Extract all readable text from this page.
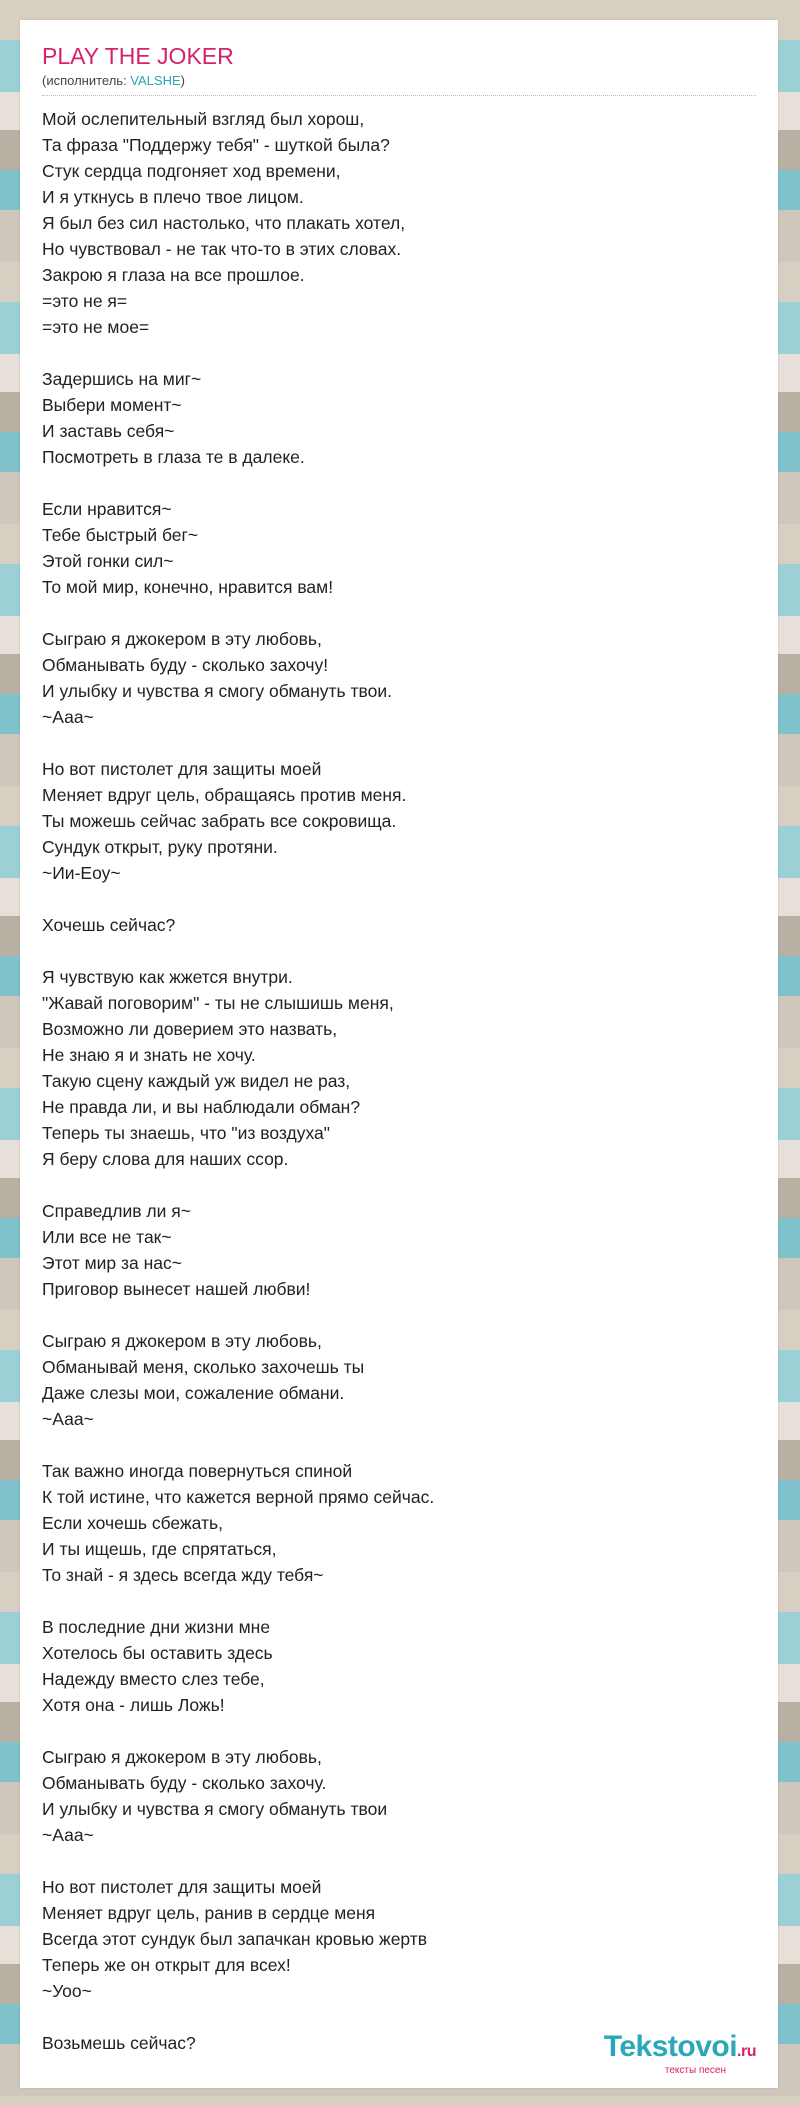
PLAY THE JOKER
(исполнитель: VALSHE)
Мой ослепительный взгляд был хорош,
Та фраза "Поддержу тебя" - шуткой была?
Стук сердца подгоняет ход времени,
И я уткнусь в плечо твое лицом.
Я был без сил настолько, что плакать хотел,
Но чувствовал - не так что-то в этих словах.
Закрою я глаза на все прошлое.
=это не я=
=это не мое=
Задершись на миг~
Выбери момент~
И заставь себя~
Посмотреть в глаза те в далеке.
Если нравится~
Тебе быстрый бег~
Этой гонки сил~
То мой мир, конечно, нравится вам!
Сыграю я джокером в эту любовь,
Обманывать буду - сколько захочу!
И улыбку и чувства я смогу обмануть твои.
~Ааа~
Но вот пистолет для защиты моей
Меняет вдруг цель, обращаясь против меня.
Ты можешь сейчас забрать все сокровища.
Сундук открыт, руку протяни.
~Ии-Еоу~
Хочешь сейчас?
Я чувствую как жжется внутри.
"Жавай поговорим" - ты не слышишь меня,
Возможно ли доверием это назвать,
Не знаю я и знать не хочу.
Такую сцену каждый уж видел не раз,
Не правда ли, и вы наблюдали обман?
Теперь ты знаешь, что "из воздуха"
Я беру слова для наших ссор.
Справедлив ли я~
Или все не так~
Этот мир за нас~
Приговор вынесет нашей любви!
Сыграю я джокером в эту любовь,
Обманывай меня, сколько захочешь ты
Даже слезы мои, сожаление обмани.
~Ааа~
Так важно иногда повернуться спиной
К той истине, что кажется верной прямо сейчас.
Если хочешь сбежать,
И ты ищешь, где спрятаться,
То знай - я здесь всегда жду тебя~
В последние дни жизни мне
Хотелось бы оставить здесь
Надежду вместо слез тебе,
Хотя она - лишь Ложь!
Сыграю я джокером в эту любовь,
Обманывать буду - сколько захочу.
И улыбку и чувства я смогу обмануть твои
~Ааа~
Но вот пистолет для защиты моей
Меняет вдруг цель, ранив в сердце меня
Всегда этот сундук был запачкан кровью жертв
Теперь же он открыт для всех!
~Уоо~
Возьмешь сейчас?	Tekstovoi.ru
тексты песен
